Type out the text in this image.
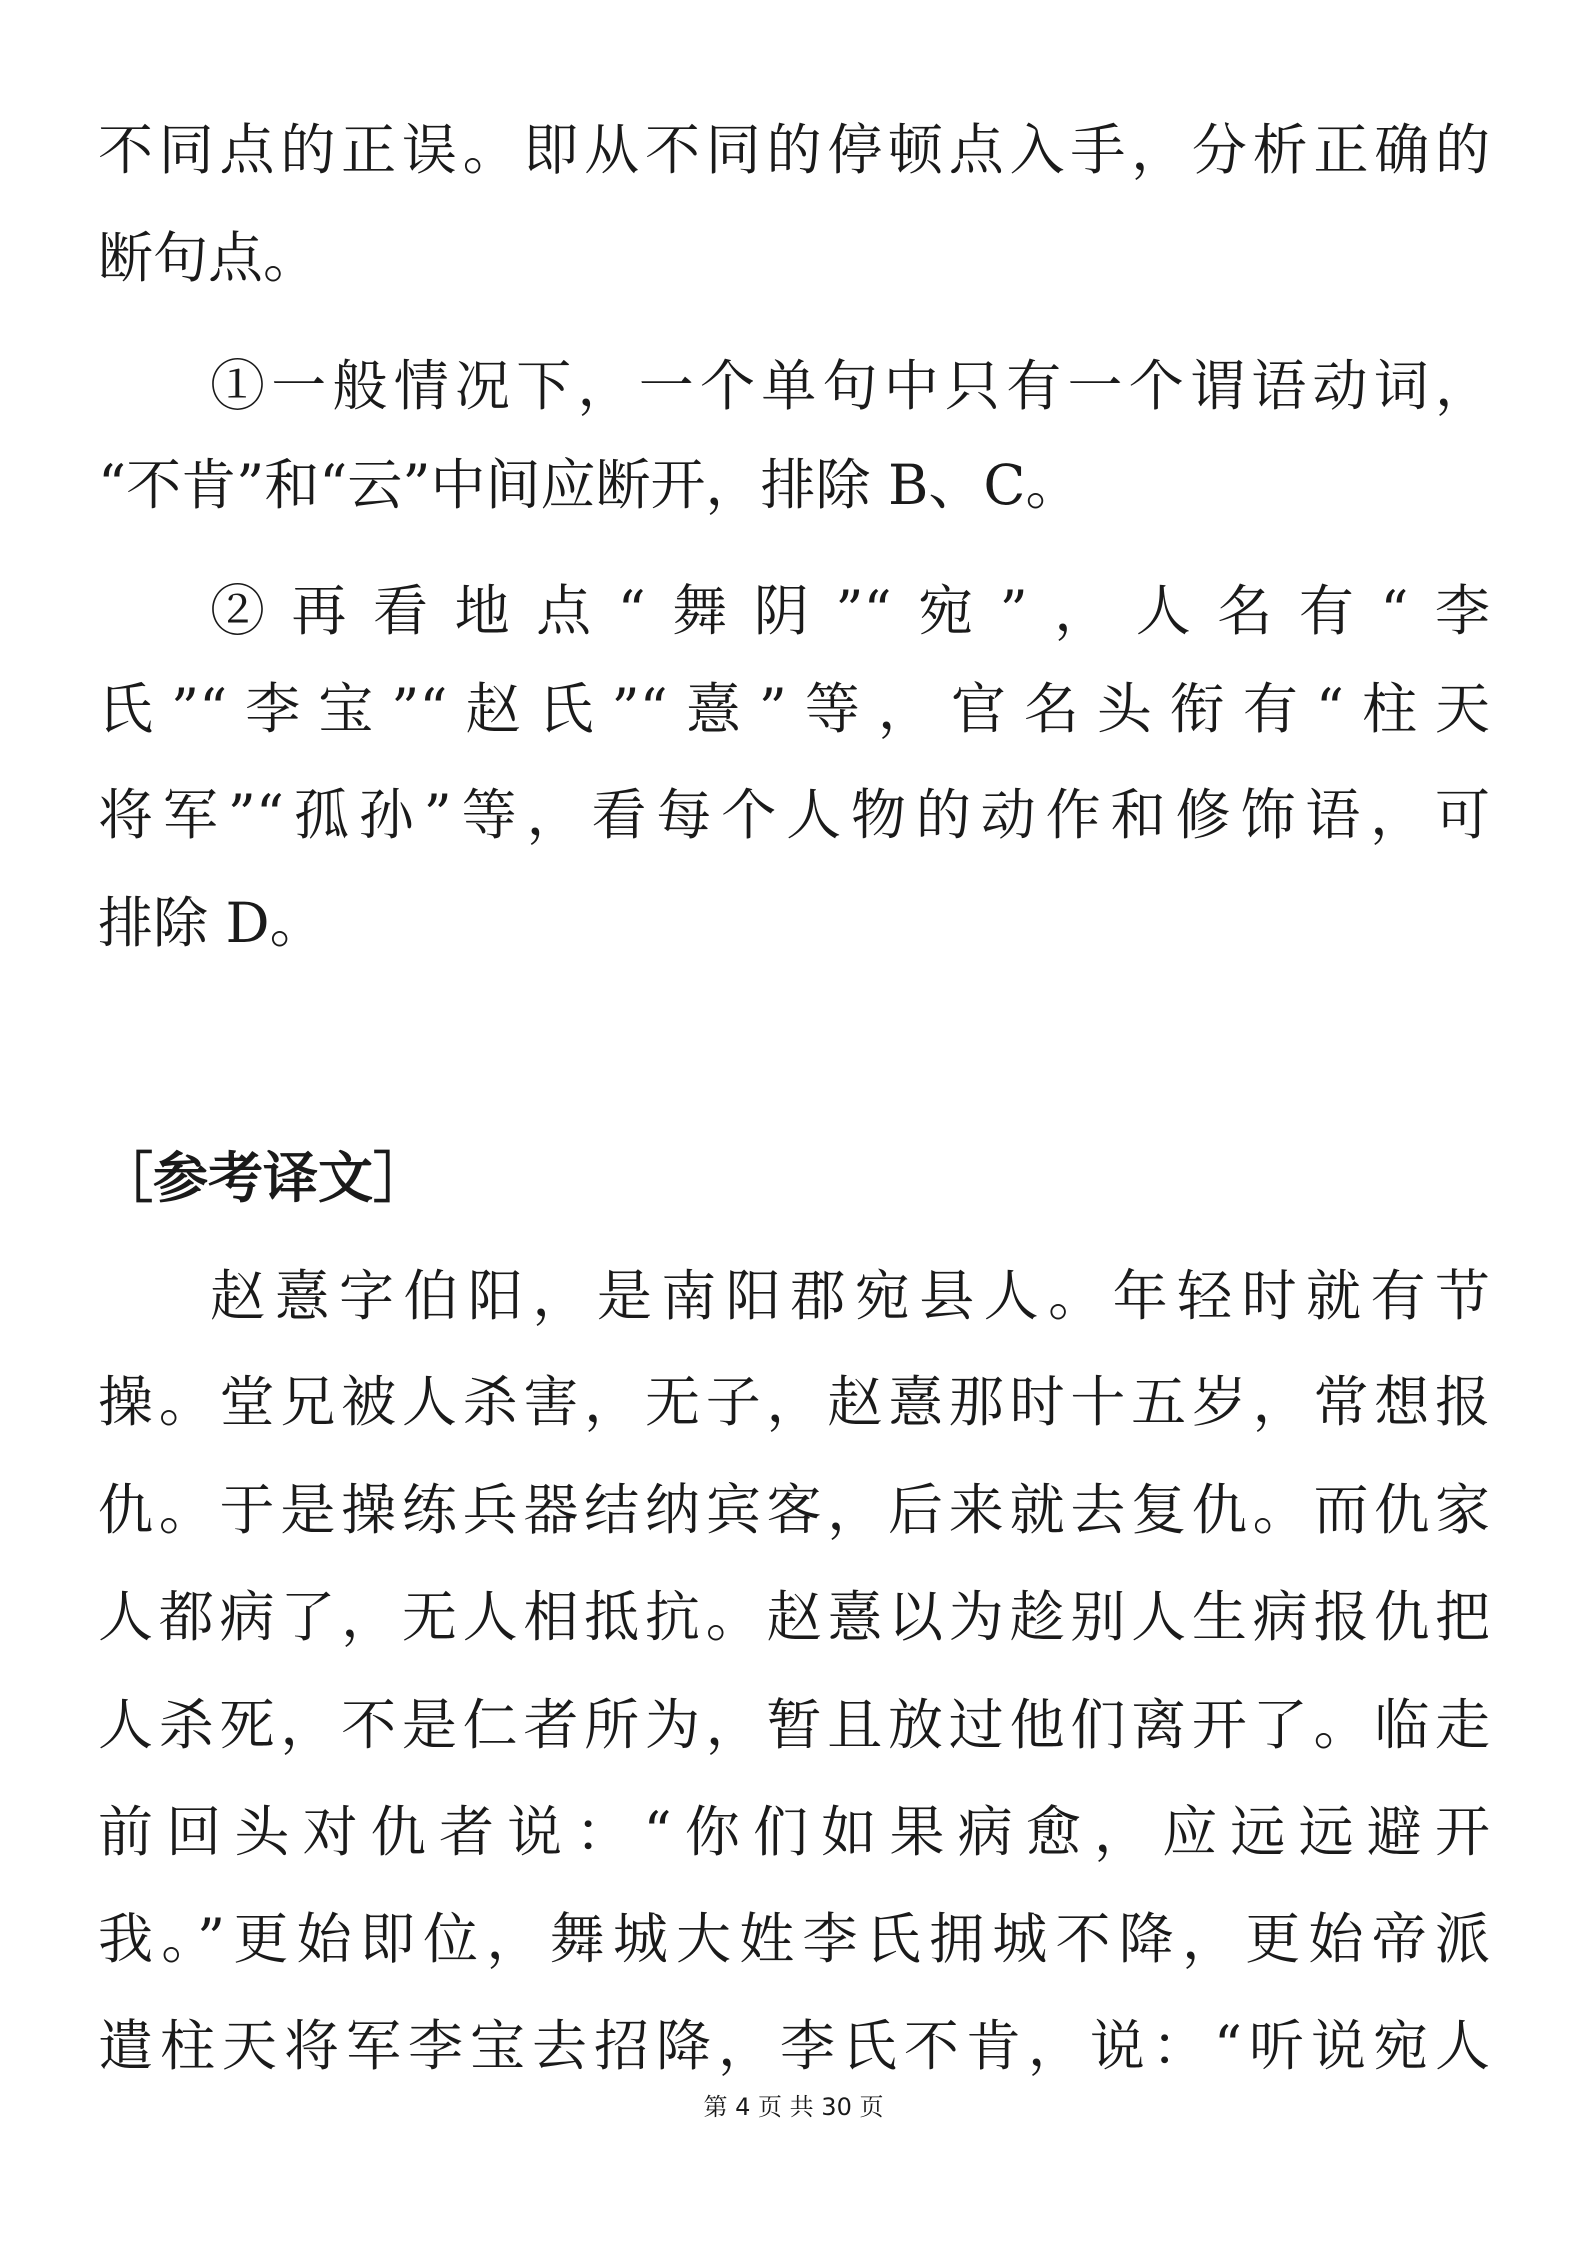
不同点的正误。即从不同的停顿点入手，分析正确的
断句点。
①一般情况下，一个单句中只有一个谓语动词，
“不肯”和“云”中间应断开，排除 B、C。
②再看地点“舞阴”“宛”，人名有“李
氏”“李宝”“赵氏”“憙”等，官名头衔有“柱天
将军”“孤孙”等，看每个人物的动作和修饰语，可
排除 D。
［参考译文］
赵憙字伯阳，是南阳郡宛县人。年轻时就有节
操。堂兄被人杀害，无子，赵憙那时十五岁，常想报
仇。于是操练兵器结纳宾客，后来就去复仇。而仇家
人都病了，无人相抵抗。赵憙以为趁别人生病报仇把
人杀死，不是仁者所为，暂且放过他们离开了。临走
前回头对仇者说：“你们如果病愈，应远远避开
我。”更始即位，舞城大姓李氏拥城不降，更始帝派
遣柱天将军李宝去招降，李氏不肯，说：“听说宛人
第 4 页 共 30 页
